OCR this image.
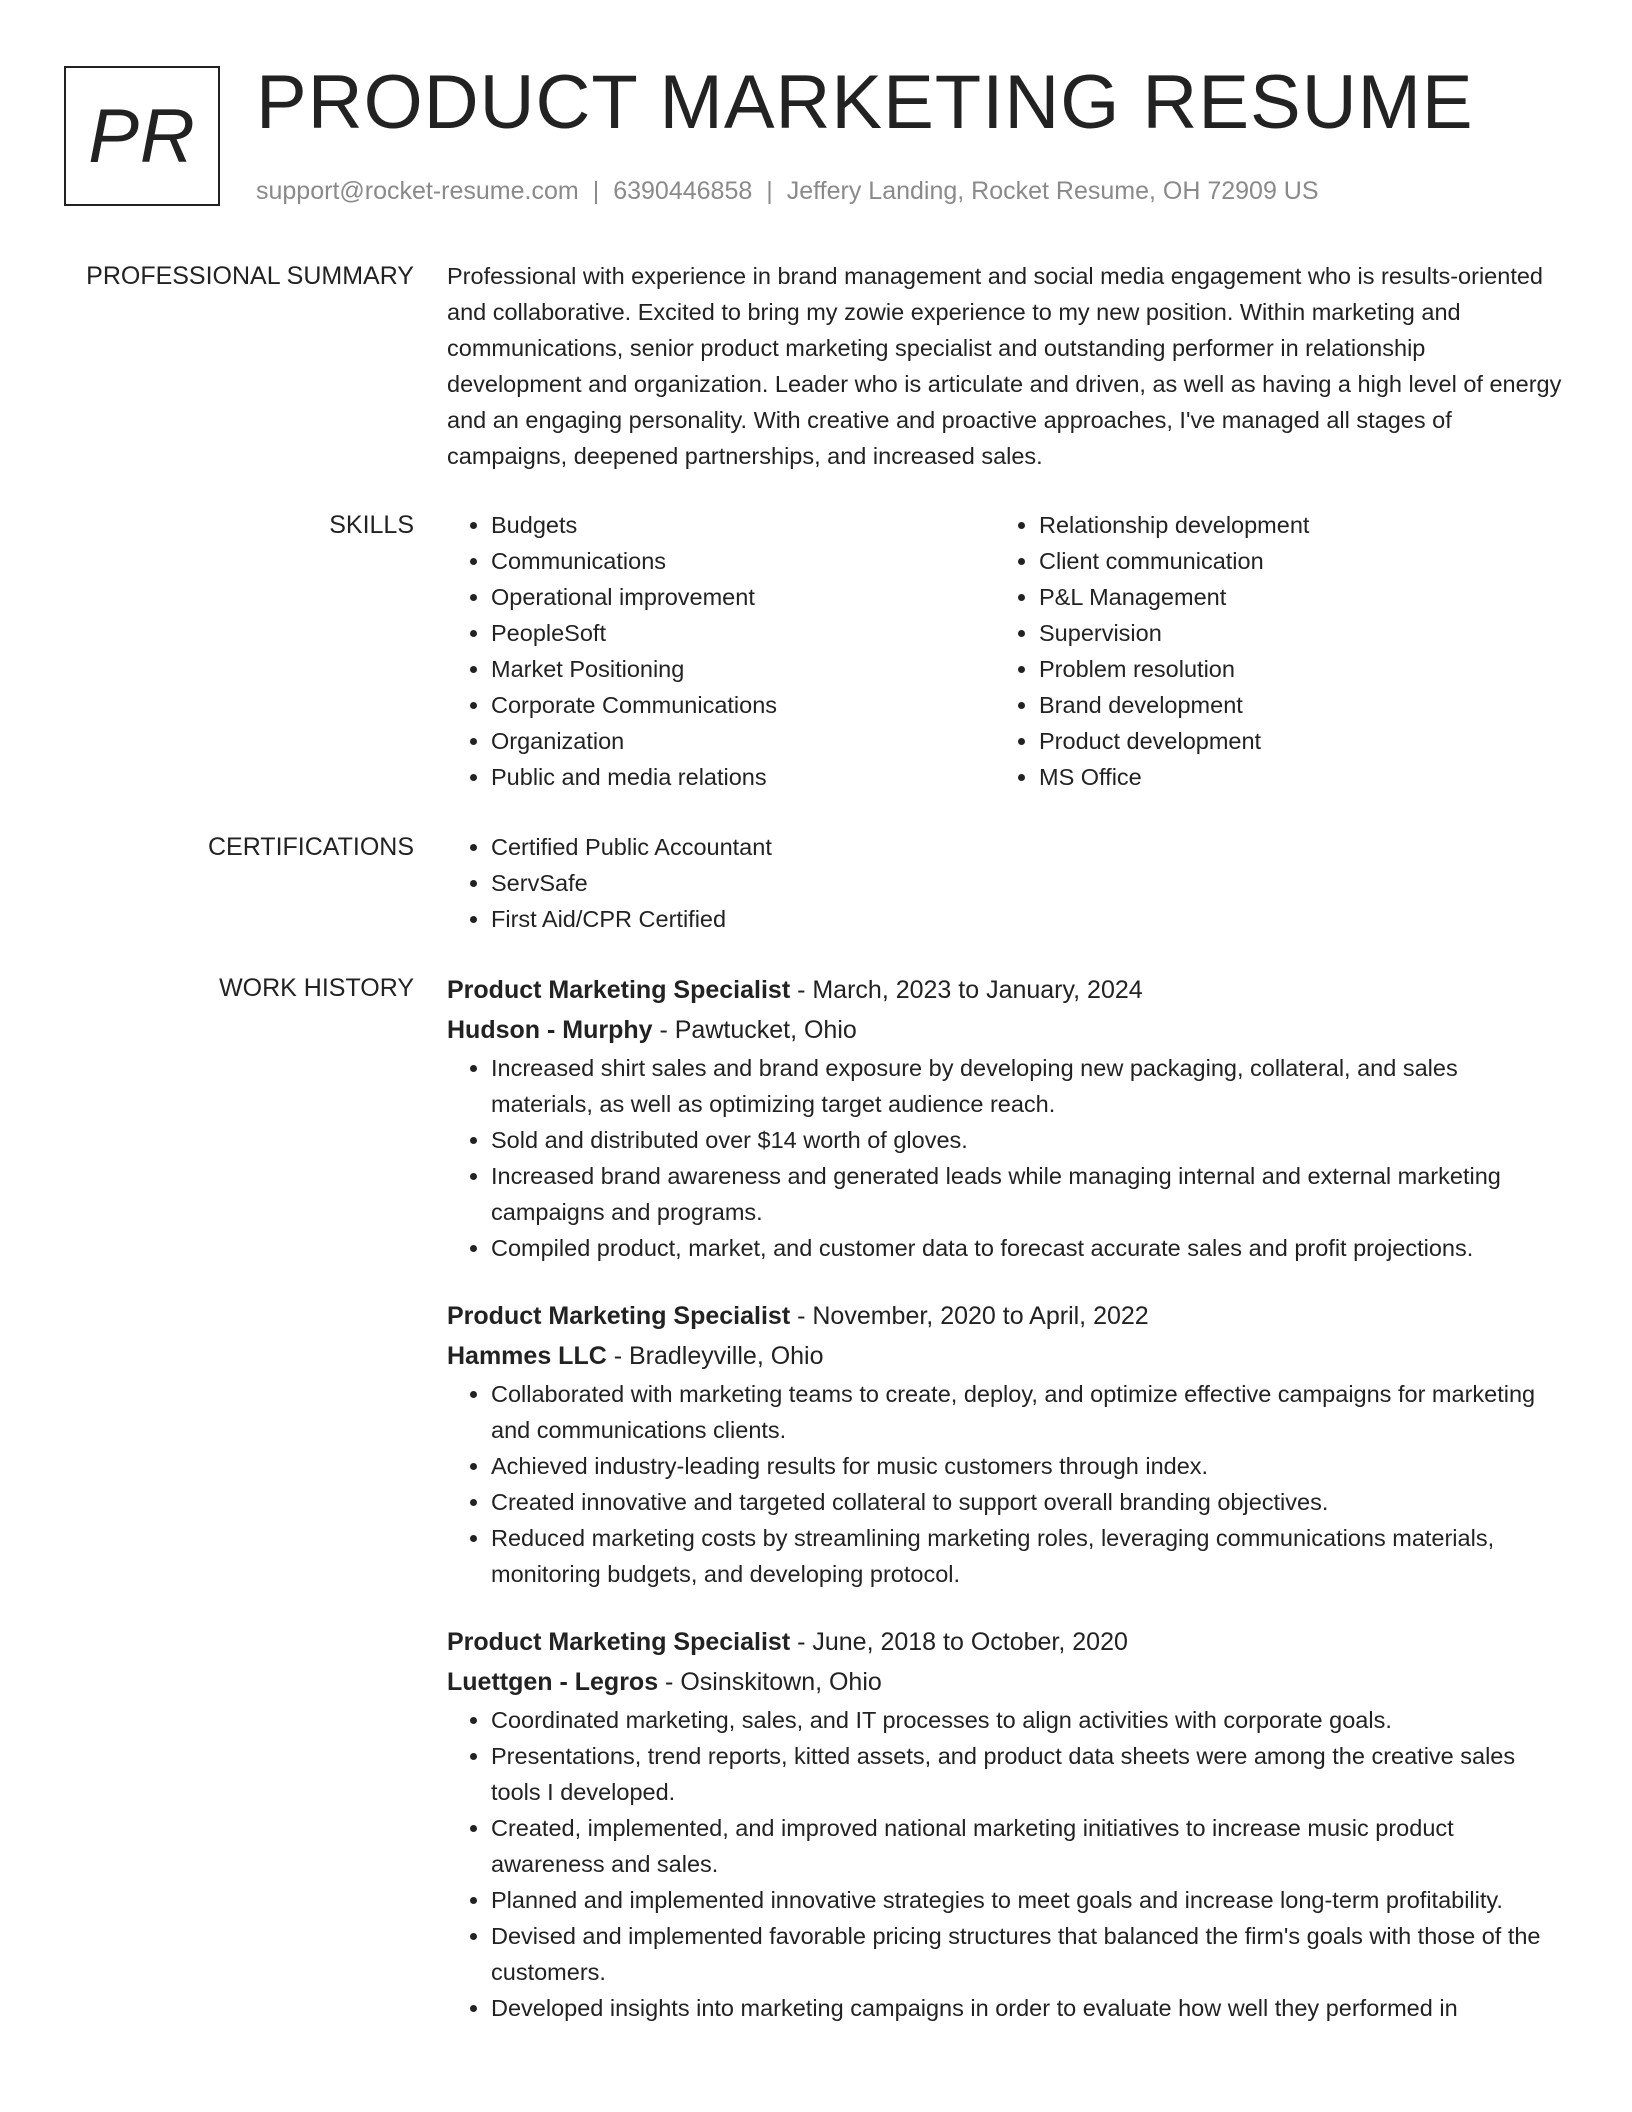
PR PRODUCT MARKETING RESUME
support@rocket-resume.com | 6390446858 | Jeffery Landing, Rocket Resume, OH 72909 US
PROFESSIONAL SUMMARY Professional with experience in brand management and social media engagement who is results-oriented and collaborative. Excited to bring my zowie experience to my new position. Within marketing and communications, senior product marketing specialist and outstanding performer in relationship development and organization. Leader who is articulate and driven, as well as having a high level of energy and an engaging personality. With creative and proactive approaches, I've managed all stages of campaigns, deepened partnerships, and increased sales.

SKILLS	• Budgets
• Communications
• Operational improvement
• PeopleSoft
• Market Positioning
• Corporate Communications
• Organization
• Public and media relations
• Relationship development
• Client communication
• P&L Management
• Supervision
• Problem resolution
• Brand development
• Product development
• MS Office
CERTIFICATIONS	• Certified Public Accountant
• ServSafe
• First Aid/CPR Certified
WORK HISTORY Product Marketing Specialist - March, 2023 to January, 2024
Hudson - Murphy - Pawtucket, Ohio
• Increased shirt sales and brand exposure by developing new packaging, collateral, and sales materials, as well as optimizing target audience reach.
• Sold and distributed over $14 worth of gloves.
• Increased brand awareness and generated leads while managing internal and external marketing campaigns and programs.
• Compiled product, market, and customer data to forecast accurate sales and profit projections.
Product Marketing Specialist - November, 2020 to April, 2022
Hammes LLC - Bradleyville, Ohio
• Collaborated with marketing teams to create, deploy, and optimize effective campaigns for marketing and communications clients.
• Achieved industry-leading results for music customers through index.
• Created innovative and targeted collateral to support overall branding objectives.
• Reduced marketing costs by streamlining marketing roles, leveraging communications materials, monitoring budgets, and developing protocol.
Product Marketing Specialist - June, 2018 to October, 2020
Luettgen - Legros - Osinskitown, Ohio
• Coordinated marketing, sales, and IT processes to align activities with corporate goals.
• Presentations, trend reports, kitted assets, and product data sheets were among the creative sales tools I developed.
• Created, implemented, and improved national marketing initiatives to increase music product awareness and sales.
• Planned and implemented innovative strategies to meet goals and increase long-term profitability.
• Devised and implemented favorable pricing structures that balanced the firm's goals with those of the customers.
• Developed insights into marketing campaigns in order to evaluate how well they performed in
